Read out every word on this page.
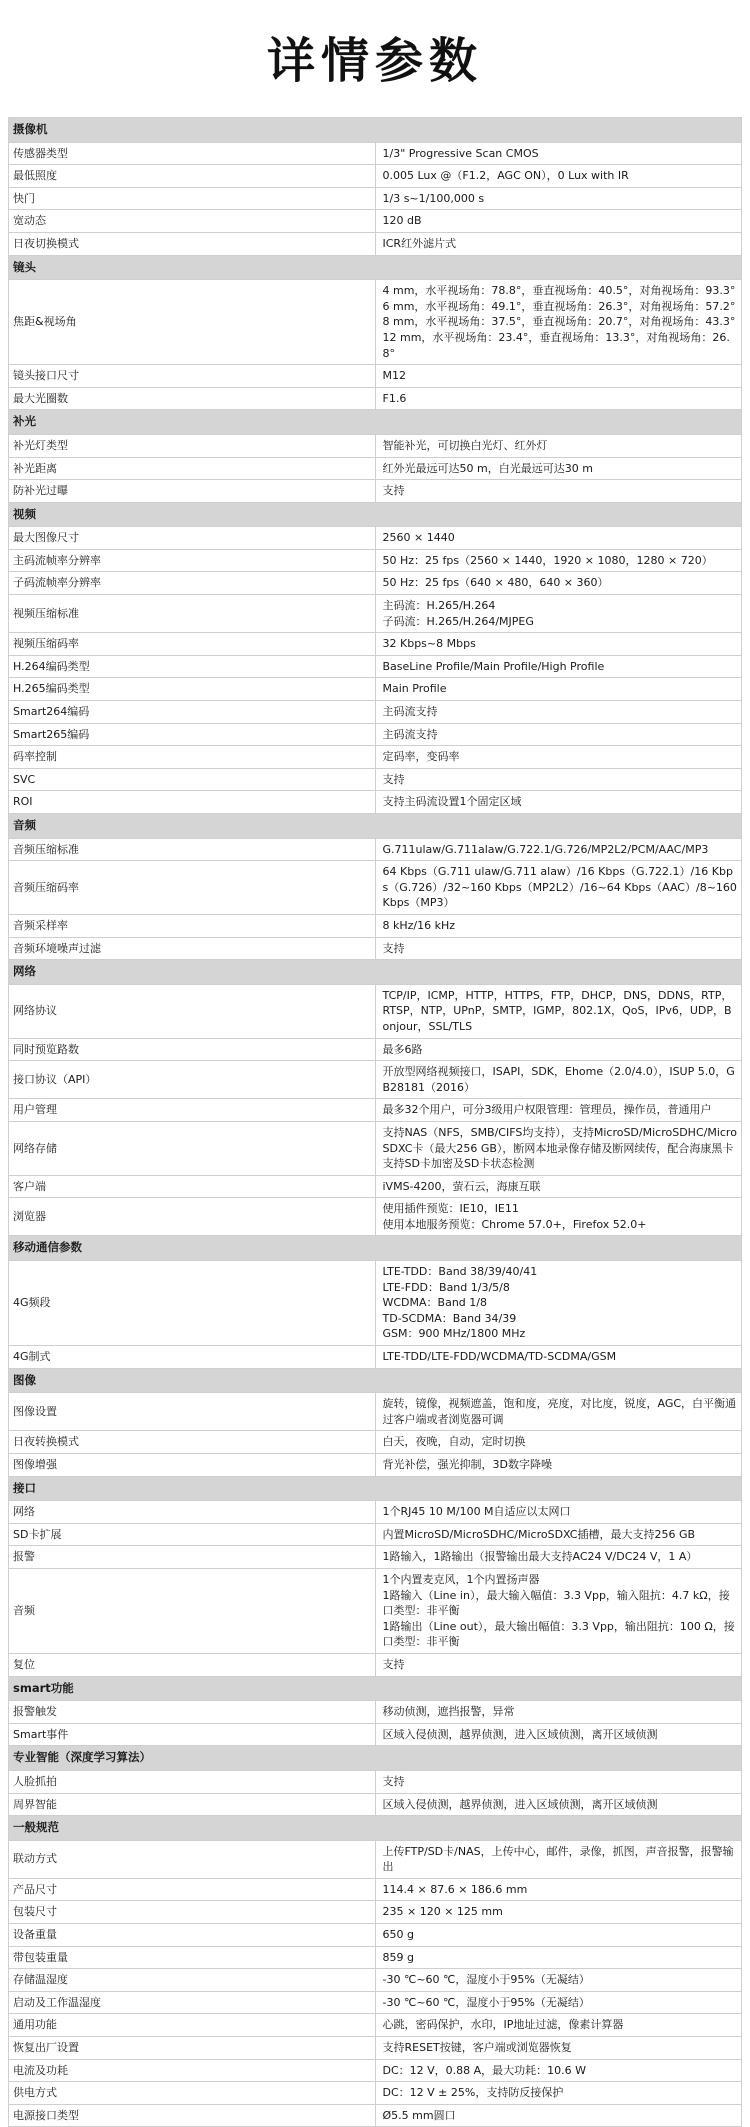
详情参数
摄像机	
传感器类型	1/3" Progressive Scan CMOS

最低照度	0.005 Lux @（F1.2，AGC ON），0 Lux with IR

快门	1/3 s~1/100,000 s

宽动态	120 dB

日夜切换模式	ICR红外滤片式

镜头	
焦距&视场角	4 mm，水平视场角：78.8°，垂直视场角：40.5°，对角视场角：93.3°
6 mm，水平视场角：49.1°，垂直视场角：26.3°，对角视场角：57.2°
8 mm，水平视场角：37.5°，垂直视场角：20.7°，对角视场角：43.3°
12 mm，水平视场角：23.4°，垂直视场角：13.3°，对角视场角：26.8°

镜头接口尺寸	M12

最大光圈数	F1.6

补光	
补光灯类型	智能补光，可切换白光灯、红外灯

补光距离	红外光最远可达50 m，白光最远可达30 m

防补光过曝	支持

视频	
最大图像尺寸	2560 × 1440

主码流帧率分辨率	50 Hz：25 fps（2560 × 1440，1920 × 1080，1280 × 720）

子码流帧率分辨率	50 Hz：25 fps（640 × 480，640 × 360）

视频压缩标准	主码流：H.265/H.264
子码流：H.265/H.264/MJPEG

视频压缩码率	32 Kbps~8 Mbps

H.264编码类型	BaseLine Profile/Main Profile/High Profile

H.265编码类型	Main Profile

Smart264编码	主码流支持

Smart265编码	主码流支持

码率控制	定码率，变码率

SVC	支持

ROI	支持主码流设置1个固定区域

音频	
音频压缩标准	G.711ulaw/G.711alaw/G.722.1/G.726/MP2L2/PCM/AAC/MP3

音频压缩码率	64 Kbps（G.711 ulaw/G.711 alaw）/16 Kbps（G.722.1）/16 Kbps（G.726）/32~160 Kbps（MP2L2）/16~64 Kbps（AAC）/8~160 Kbps（MP3）

音频采样率	8 kHz/16 kHz

音频环境噪声过滤	支持

网络	
网络协议	TCP/IP，ICMP，HTTP，HTTPS，FTP，DHCP，DNS，DDNS，RTP，RTSP，NTP，UPnP，SMTP，IGMP，802.1X，QoS，IPv6，UDP，Bonjour，SSL/TLS

同时预览路数	最多6路

接口协议（API）	开放型网络视频接口，ISAPI，SDK，Ehome（2.0/4.0），ISUP 5.0，GB28181（2016）

用户管理	最多32个用户，可分3级用户权限管理：管理员，操作员，普通用户

网络存储	支持NAS（NFS，SMB/CIFS均支持），支持MicroSD/MicroSDHC/MicroSDXC卡（最大256 GB），断网本地录像存储及断网续传，配合海康黑卡支持SD卡加密及SD卡状态检测

客户端	iVMS-4200，萤石云，海康互联

浏览器	使用插件预览：IE10，IE11
使用本地服务预览：Chrome 57.0+，Firefox 52.0+

移动通信参数	
4G频段	LTE-TDD：Band 38/39/40/41
LTE-FDD：Band 1/3/5/8
WCDMA：Band 1/8
TD-SCDMA：Band 34/39
GSM：900 MHz/1800 MHz

4G制式	LTE-TDD/LTE-FDD/WCDMA/TD-SCDMA/GSM

图像	
图像设置	旋转，镜像，视频遮盖，饱和度，亮度，对比度，锐度，AGC，白平衡通过客户端或者浏览器可调

日夜转换模式	白天，夜晚，自动，定时切换

图像增强	背光补偿，强光抑制，3D数字降噪

接口	
网络	1个RJ45 10 M/100 M自适应以太网口

SD卡扩展	内置MicroSD/MicroSDHC/MicroSDXC插槽，最大支持256 GB

报警	1路输入，1路输出（报警输出最大支持AC24 V/DC24 V，1 A）

音频	1个内置麦克风，1个内置扬声器
1路输入（Line in），最大输入幅值：3.3 Vpp，输入阻抗：4.7 kΩ，接口类型：非平衡
1路输出（Line out），最大输出幅值：3.3 Vpp，输出阻抗：100 Ω，接口类型：非平衡

复位	支持

smart功能	
报警触发	移动侦测，遮挡报警，异常

Smart事件	区域入侵侦测，越界侦测，进入区域侦测，离开区域侦测

专业智能（深度学习算法）	
人脸抓拍	支持

周界智能	区域入侵侦测，越界侦测，进入区域侦测，离开区域侦测

一般规范	
联动方式	上传FTP/SD卡/NAS，上传中心，邮件，录像，抓图，声音报警，报警输出

产品尺寸	114.4 × 87.6 × 186.6 mm

包装尺寸	235 × 120 × 125 mm

设备重量	650 g

带包装重量	859 g

存储温湿度	-30 ℃~60 ℃，湿度小于95%（无凝结）

启动及工作温湿度	-30 ℃~60 ℃，湿度小于95%（无凝结）

通用功能	心跳，密码保护，水印，IP地址过滤，像素计算器

恢复出厂设置	支持RESET按键，客户端或浏览器恢复

电流及功耗	DC：12 V，0.88 A，最大功耗：10.6 W

供电方式	DC：12 V ± 25%，支持防反接保护

电源接口类型	Ø5.5 mm圆口
